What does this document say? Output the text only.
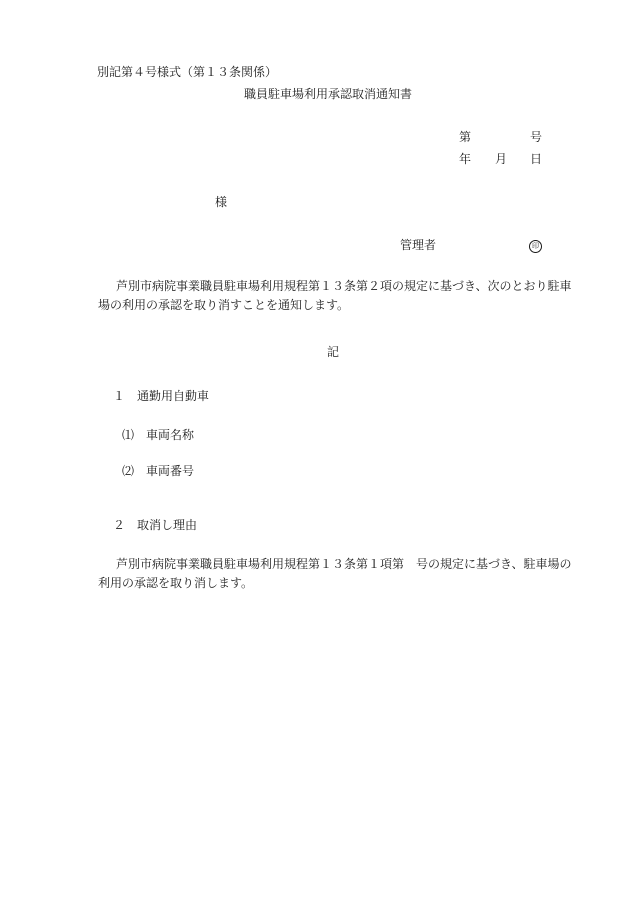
別記第４号様式（第１３条関係）
職員駐車場利用承認取消通知書
第	号
年 月 日
様
管理者	印
芦別市病院事業職員駐車場利用規程第１３条第２項の規定に基づき、次のとおり駐車
場の利用の承認を取り消すことを通知します。
記
１　通勤用自動車
⑴ 車両名称
⑵ 車両番号
２　取消し理由
芦別市病院事業職員駐車場利用規程第１３条第１項第　号の規定に基づき、駐車場の
利用の承認を取り消します。
